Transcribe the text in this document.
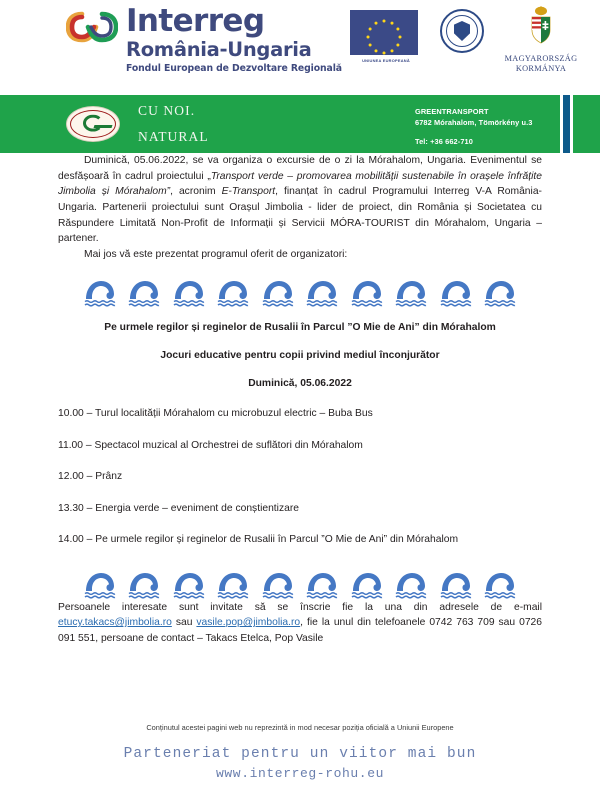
Interreg
România-Ungaria
Fondul European de Dezvoltare Regională
UNIUNEA EUROPEANĂ	MAGYARORSZÁG
KORMÁNYA
CU NOI.
NATURAL
GREENTRANSPORT
6782 Mórahalom, Tömörkény u.3
Tel: +36 662-710

Duminică, 05.06.2022, se va organiza o excursie de o zi la Mórahalom, Ungaria. Evenimentul se desfășoară în cadrul proiectului „Transport verde – promovarea mobilității sustenabile în orașele înfrățite Jimbolia și Mórahalom”, acronim E-Transport, finanțat în cadrul Programului Interreg V-A România-Ungaria. Partenerii proiectului sunt Orașul Jimbolia - lider de proiect, din România și Societatea cu Răspundere Limitată Non-Profit de Informații și Servicii MÓRA-TOURIST din Mórahalom, Ungaria – partener.

Mai jos vă este prezentat programul oferit de organizatori:

Pe urmele regilor și reginelor de Rusalii în Parcul ”O Mie de Ani” din Mórahalom

Jocuri educative pentru copii privind mediul înconjurător

Duminică, 05.06.2022

10.00 – Turul localității Mórahalom cu microbuzul electric – Buba Bus

11.00 – Spectacol muzical al Orchestrei de suflători din Mórahalom

12.00 – Prânz

13.30 – Energia verde – eveniment de conștientizare

14.00 – Pe urmele regilor și reginelor de Rusalii în Parcul ”O Mie de Ani” din Mórahalom

Persoanele interesate sunt invitate să se înscrie fie la una din adresele de e-mail etucy.takacs@jimbolia.ro sau vasile.pop@jimbolia.ro, fie la unul din telefoanele 0742 763 709 sau 0726 091 551, persoane de contact – Takacs Etelca, Pop Vasile

Conținutul acestei pagini web nu reprezintă in mod necesar poziția oficială a Uniunii Europene

Parteneriat pentru un viitor mai bun

www.interreg-rohu.eu
